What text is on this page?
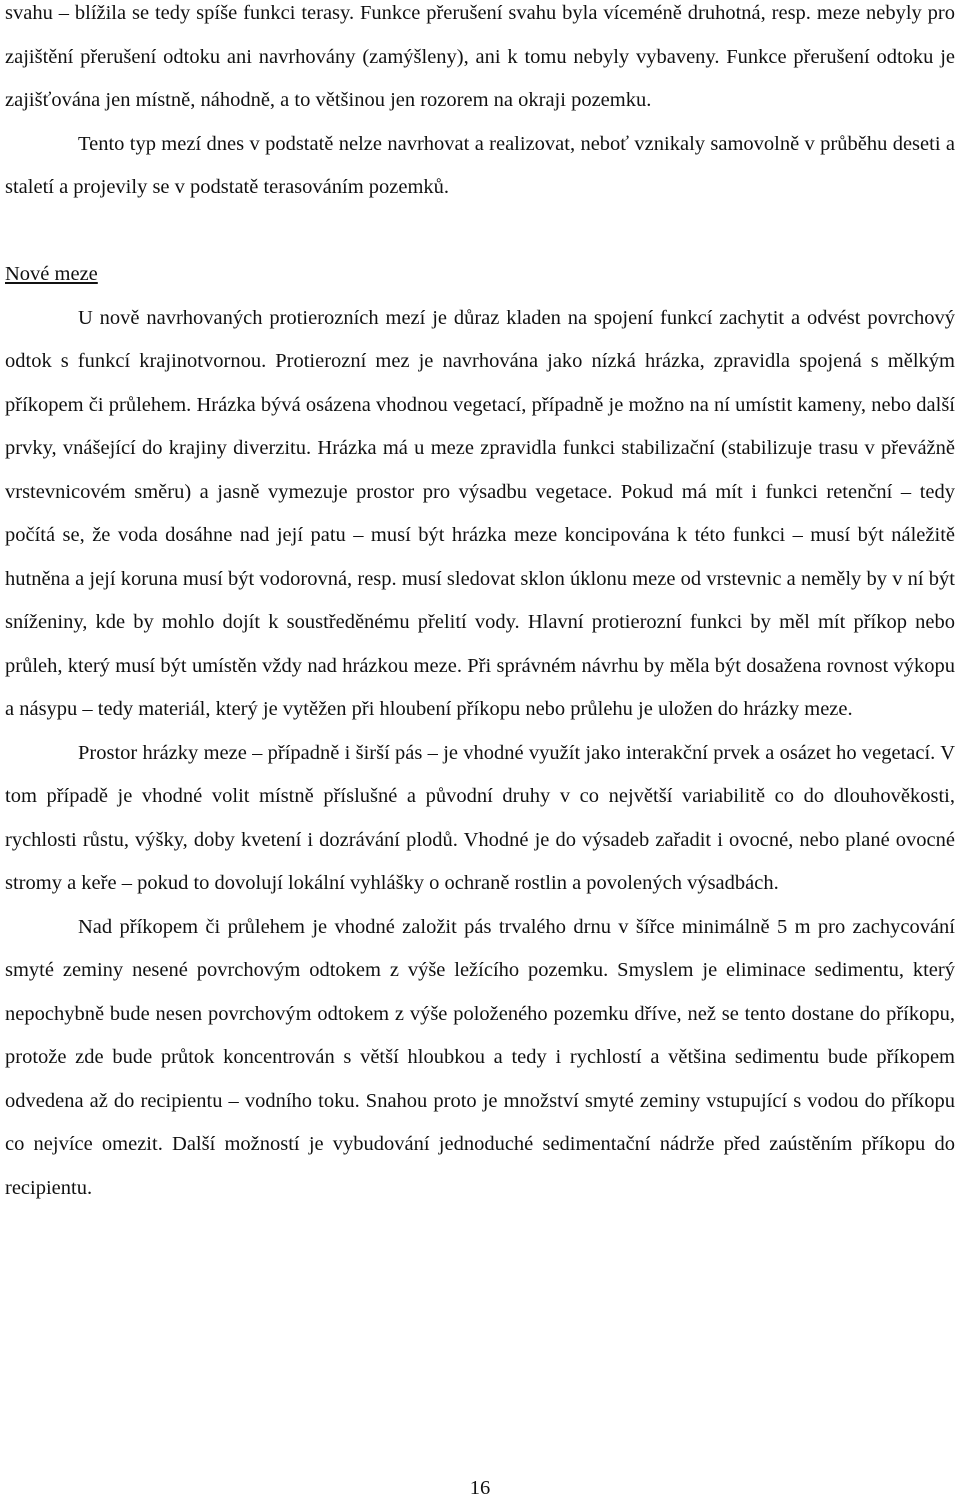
svahu – blížila se tedy spíše funkci terasy. Funkce přerušení svahu byla víceméně druhotná, resp. meze nebyly pro zajištění přerušení odtoku ani navrhovány (zamýšleny), ani k tomu nebyly vybaveny. Funkce přerušení odtoku je zajišťována jen místně, náhodně, a to většinou jen rozorem na okraji pozemku.

Tento typ mezí dnes v podstatě nelze navrhovat a realizovat, neboť vznikaly samovolně v průběhu deseti a staletí a projevily se v podstatě terasováním pozemků.

Nové meze

U nově navrhovaných protierozních mezí je důraz kladen na spojení funkcí zachytit a odvést povrchový odtok s funkcí krajinotvornou. Protierozní mez je navrhována jako nízká hrázka, zpravidla spojená s mělkým příkopem či průlehem. Hrázka bývá osázena vhodnou vegetací, případně je možno na ní umístit kameny, nebo další prvky, vnášející do krajiny diverzitu. Hrázka má u meze zpravidla funkci stabilizační (stabilizuje trasu v převážně vrstevnicovém směru) a jasně vymezuje prostor pro výsadbu vegetace. Pokud má mít i funkci retenční – tedy počítá se, že voda dosáhne nad její patu – musí být hrázka meze koncipována k této funkci – musí být náležitě hutněna a její koruna musí být vodorovná, resp. musí sledovat sklon úklonu meze od vrstevnic a neměly by v ní být sníženiny, kde by mohlo dojít k soustředěnému přelití vody. Hlavní protierozní funkci by měl mít příkop nebo průleh, který musí být umístěn vždy nad hrázkou meze. Při správném návrhu by měla být dosažena rovnost výkopu a násypu – tedy materiál, který je vytěžen při hloubení příkopu nebo průlehu je uložen do hrázky meze.

Prostor hrázky meze – případně i širší pás – je vhodné využít jako interakční prvek a osázet ho vegetací. V tom případě je vhodné volit místně příslušné a původní druhy v co největší variabilitě co do dlouhověkosti, rychlosti růstu, výšky, doby kvetení i dozrávání plodů. Vhodné je do výsadeb zařadit i ovocné, nebo plané ovocné stromy a keře – pokud to dovolují lokální vyhlášky o ochraně rostlin a povolených výsadbách.

Nad příkopem či průlehem je vhodné založit pás trvalého drnu v šířce minimálně 5 m pro zachycování smyté zeminy nesené povrchovým odtokem z výše ležícího pozemku. Smyslem je eliminace sedimentu, který nepochybně bude nesen povrchovým odtokem z výše položeného pozemku dříve, než se tento dostane do příkopu, protože zde bude průtok koncentrován s větší hloubkou a tedy i rychlostí a většina sedimentu bude příkopem odvedena až do recipientu – vodního toku. Snahou proto je množství smyté zeminy vstupující s vodou do příkopu co nejvíce omezit. Další možností je vybudování jednoduché sedimentační nádrže před zaústěním příkopu do recipientu.

16
